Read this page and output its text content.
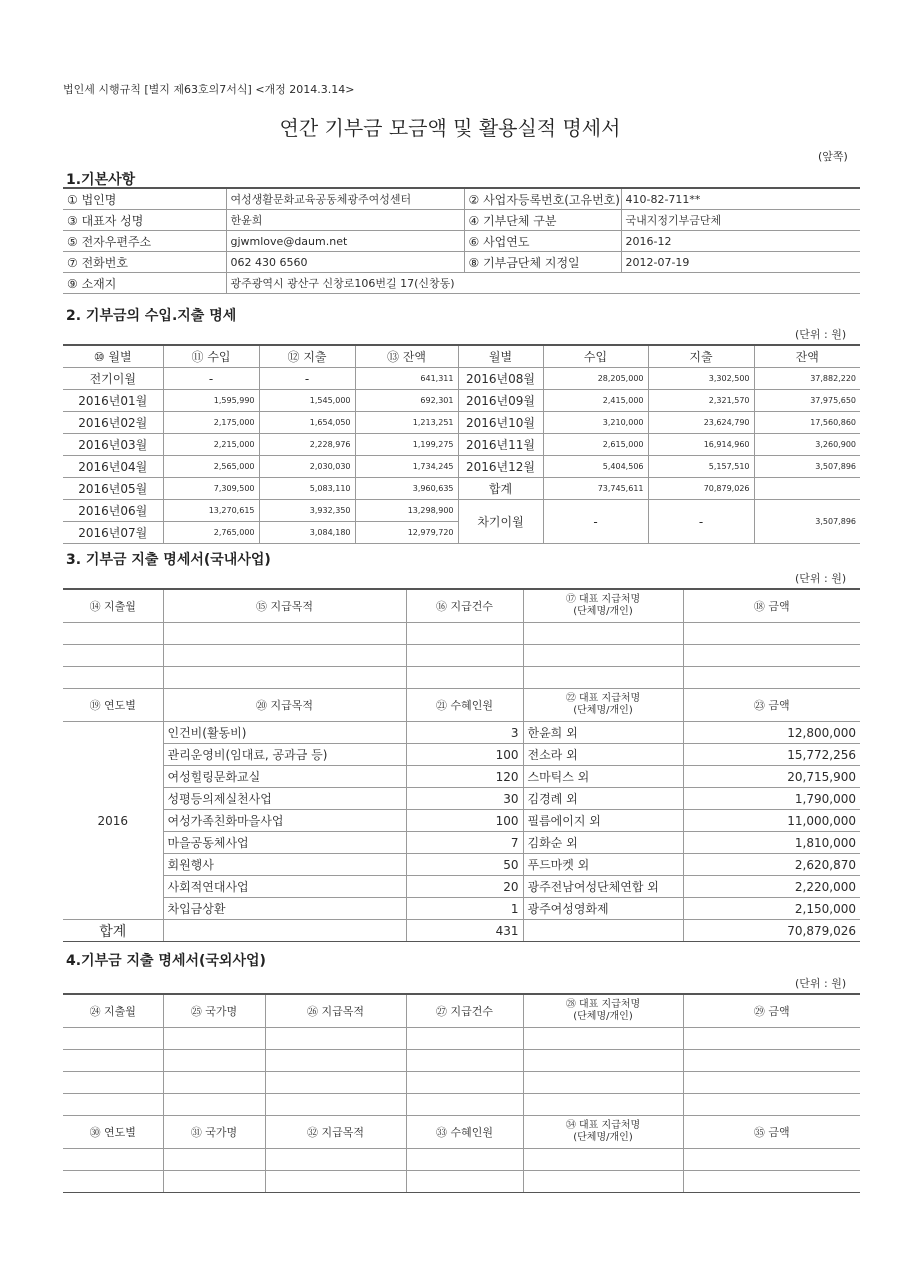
법인세 시행규칙 [별지 제63호의7서식] <개정 2014.3.14>
연간 기부금 모금액 및 활용실적 명세서
(앞쪽)
1.기본사항
① 법인명	여성생활문화교육공동체광주여성센터	② 사업자등록번호(고유번호)	410-82-711**
③ 대표자 성명	한윤희	④ 기부단체 구분	국내지정기부금단체
⑤ 전자우편주소	gjwmlove@daum.net	⑥ 사업연도	2016-12
⑦ 전화번호	062 430 6560	⑧ 기부금단체 지정일	2012-07-19
⑨ 소재지	광주광역시 광산구 신창로106번길 17(신창동)		
2. 기부금의 수입.지출 명세
(단위 : 원)
⑩ 월별	⑪ 수입	⑫ 지출	⑬ 잔액	월별	수입	지출	잔액
전기이월	-	-	641,311	2016년08월	28,205,000	3,302,500	37,882,220
2016년01월	1,595,990	1,545,000	692,301	2016년09월	2,415,000	2,321,570	37,975,650
2016년02월	2,175,000	1,654,050	1,213,251	2016년10월	3,210,000	23,624,790	17,560,860
2016년03월	2,215,000	2,228,976	1,199,275	2016년11월	2,615,000	16,914,960	3,260,900
2016년04월	2,565,000	2,030,030	1,734,245	2016년12월	5,404,506	5,157,510	3,507,896
2016년05월	7,309,500	5,083,110	3,960,635	합계	73,745,611	70,879,026	
2016년06월	13,270,615	3,932,350	13,298,900	차기이월	-	-	3,507,896
2016년07월	2,765,000	3,084,180	12,979,720				
3. 기부금 지출 명세서(국내사업)
(단위 : 원)
⑭ 지출월	⑮ 지급목적	⑯ 지급건수	⑰ 대표 지급처명
(단체명/개인)	⑱ 금액

⑲ 연도별	⑳ 지급목적	㉑ 수혜인원	㉒ 대표 지급처명
(단체명/개인)	㉓ 금액
2016	인건비(활동비)	3	한윤희 외	12,800,000
	관리운영비(임대료, 공과금 등)	100	전소라 외	15,772,256
	여성힐링문화교실	120	스마틱스 외	20,715,900
	성평등의제실천사업	30	김경례 외	1,790,000
	여성가족친화마을사업	100	필름에이지 외	11,000,000
	마을공동체사업	7	김화순 외	1,810,000
	회원행사	50	푸드마켓 외	2,620,870
	사회적연대사업	20	광주전남여성단체연합 외	2,220,000
	차입금상환	1	광주여성영화제	2,150,000
합계		431		70,879,026
4.기부금 지출 명세서(국외사업)
(단위 : 원)
㉔ 지출월	㉕ 국가명	㉖ 지급목적	㉗ 지급건수	㉘ 대표 지급처명
(단체명/개인)	㉙ 금액

㉚ 연도별	㉛ 국가명	㉜ 지급목적	㉝ 수혜인원	㉞ 대표 지급처명
(단체명/개인)	㉟ 금액
